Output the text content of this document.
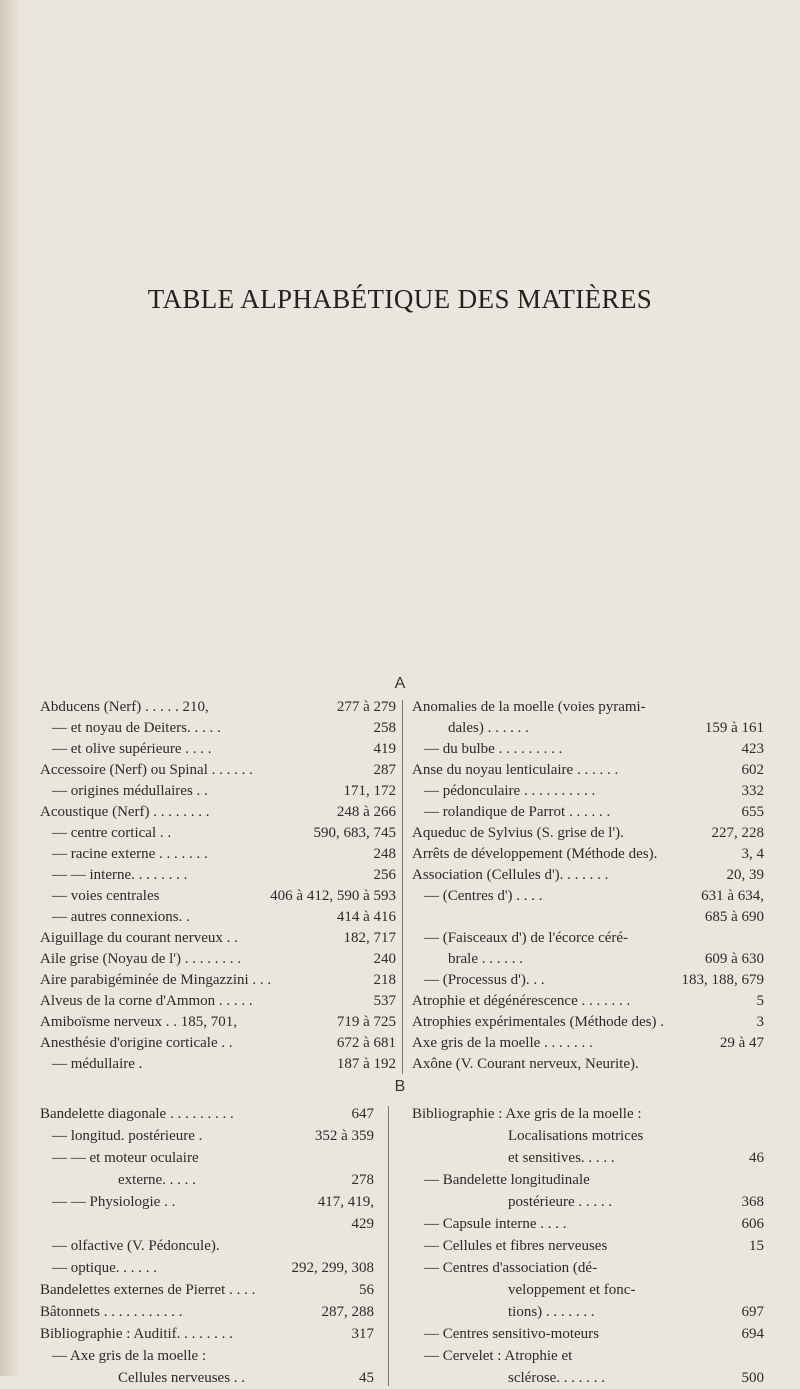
TABLE ALPHABÉTIQUE DES MATIÈRES
A
Abducens (Nerf) . . . . . 210,	277 à 279
— et noyau de Deiters. . . . .	258
— et olive supérieure . . . .	419
Accessoire (Nerf) ou Spinal . . . . . .	287
— origines médullaires . .	171, 172
Acoustique (Nerf) . . . . . . . .	248 à 266
— centre cortical . .	590, 683, 745
— racine externe . . . . . . .	248
— — interne. . . . . . . .	256
— voies centrales	406 à 412, 590 à 593
— autres connexions. .	414 à 416
Aiguillage du courant nerveux . .	182, 717
Aile grise (Noyau de l') . . . . . . . .	240
Aire parabigéminée de Mingazzini . . .	218
Alveus de la corne d'Ammon . . . . .	537
Amiboïsme nerveux . . 185, 701,	719 à 725
Anesthésie d'origine corticale . .	672 à 681
— médullaire .	187 à 192
Anomalies de la moelle (voies pyrami-
dales) . . . . . .	159 à 161
— du bulbe . . . . . . . . .	423
Anse du noyau lenticulaire . . . . . .	602
— pédonculaire . . . . . . . . . .	332
— rolandique de Parrot . . . . . .	655
Aqueduc de Sylvius (S. grise de l').	227, 228
Arrêts de développement (Méthode des).	3, 4
Association (Cellules d'). . . . . . .	20, 39
— (Centres d') . . . .	631 à 634,
685 à 690
— (Faisceaux d') de l'écorce céré-
brale . . . . . .	609 à 630
— (Processus d'). . .	183, 188, 679
Atrophie et dégénérescence . . . . . . .	5
Atrophies expérimentales (Méthode des) .	3
Axe gris de la moelle . . . . . . .	29 à 47
Axône (V. Courant nerveux, Neurite).
B
Bandelette diagonale . . . . . . . . .	647
— longitud. postérieure .	352 à 359
— — et moteur oculaire
externe. . . . .	278
— — Physiologie . .	417, 419,
429
— olfactive (V. Pédoncule).
— optique. . . . . .	292, 299, 308
Bandelettes externes de Pierret . . . .	56
Bâtonnets . . . . . . . . . . .	287, 288
Bibliographie : Auditif. . . . . . . .	317
— Axe gris de la moelle :
Cellules nerveuses . .	45
Bibliographie : Axe gris de la moelle :
Localisations motrices
et sensitives. . . . .	46
— Bandelette longitudinale
postérieure . . . . .	368
— Capsule interne . . . .	606
— Cellules et fibres nerveuses	15
— Centres d'association (dé-
veloppement et fonc-
tions) . . . . . . .	697
— Centres sensitivo-moteurs	694
— Cervelet : Atrophie et
sclérose. . . . . . .	500
